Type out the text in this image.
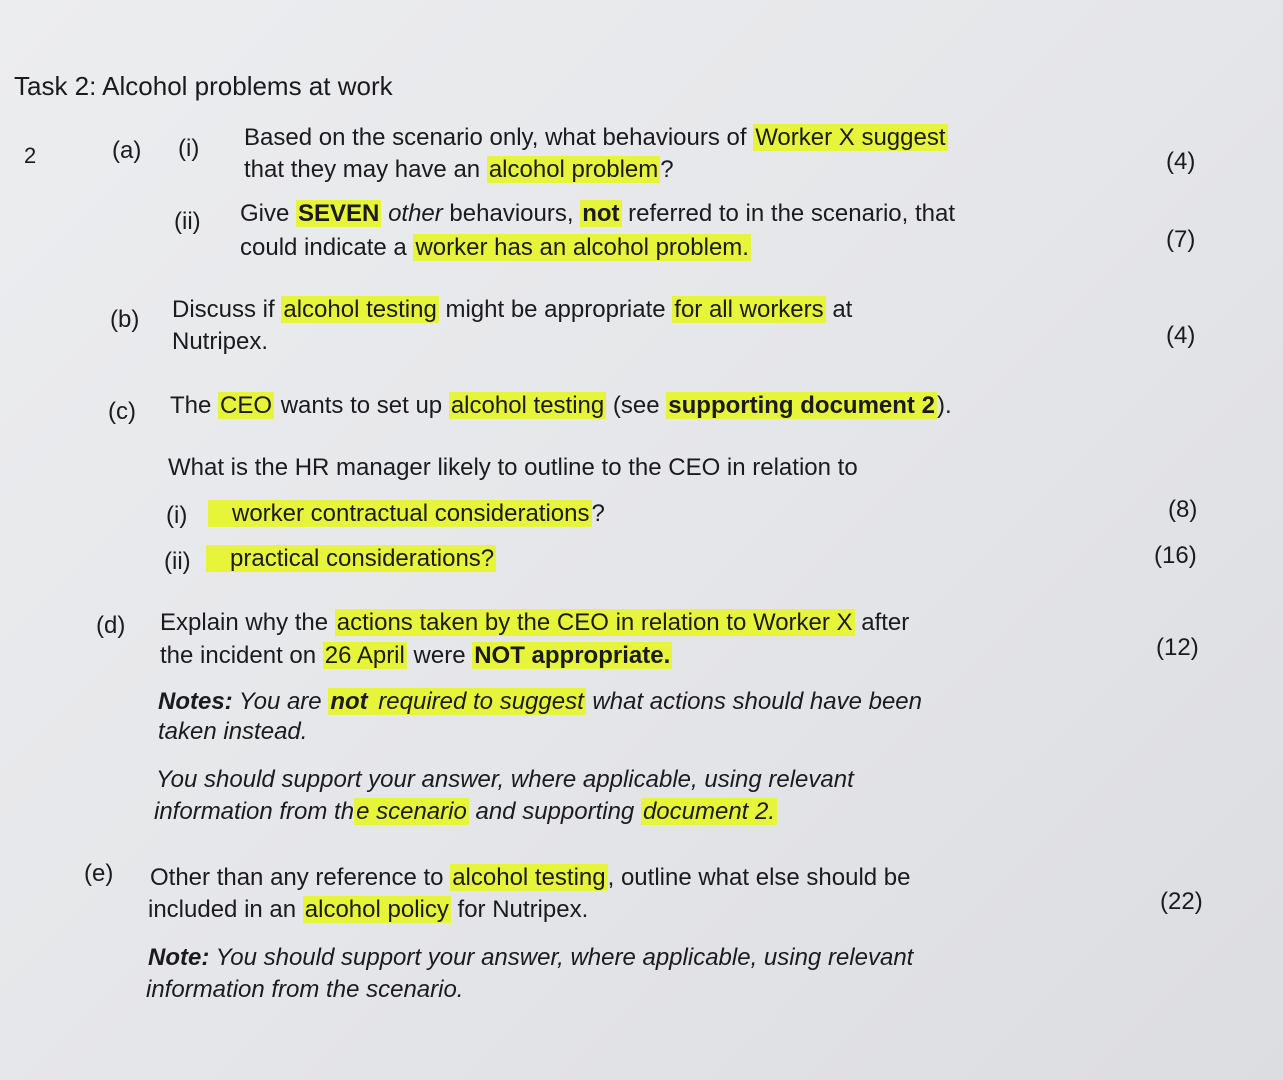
Task 2: Alcohol problems at work
2	(a) (i) Based on the scenario only, what behaviours of Worker X suggest
that they may have an alcohol problem?	(4)
(ii) Give SEVEN other behaviours, not referred to in the scenario, that
could indicate a worker has an alcohol problem.	(7)
(b) Discuss if alcohol testing might be appropriate for all workers at
Nutripex.	(4)
(c) The CEO wants to set up alcohol testing (see supporting document 2).
What is the HR manager likely to outline to the CEO in relation to
(i)	worker contractual considerations?	(8)
(ii)	practical considerations?	(16)
(d) Explain why the actions taken by the CEO in relation to Worker X after
the incident on 26 April were NOT appropriate.	(12)
Notes: You are not required to suggest what actions should have been
taken instead.
You should support your answer, where applicable, using relevant
information from the scenario and supporting document 2.
(e) Other than any reference to alcohol testing, outline what else should be
included in an alcohol policy for Nutripex.	(22)
Note: You should support your answer, where applicable, using relevant
information from the scenario.
